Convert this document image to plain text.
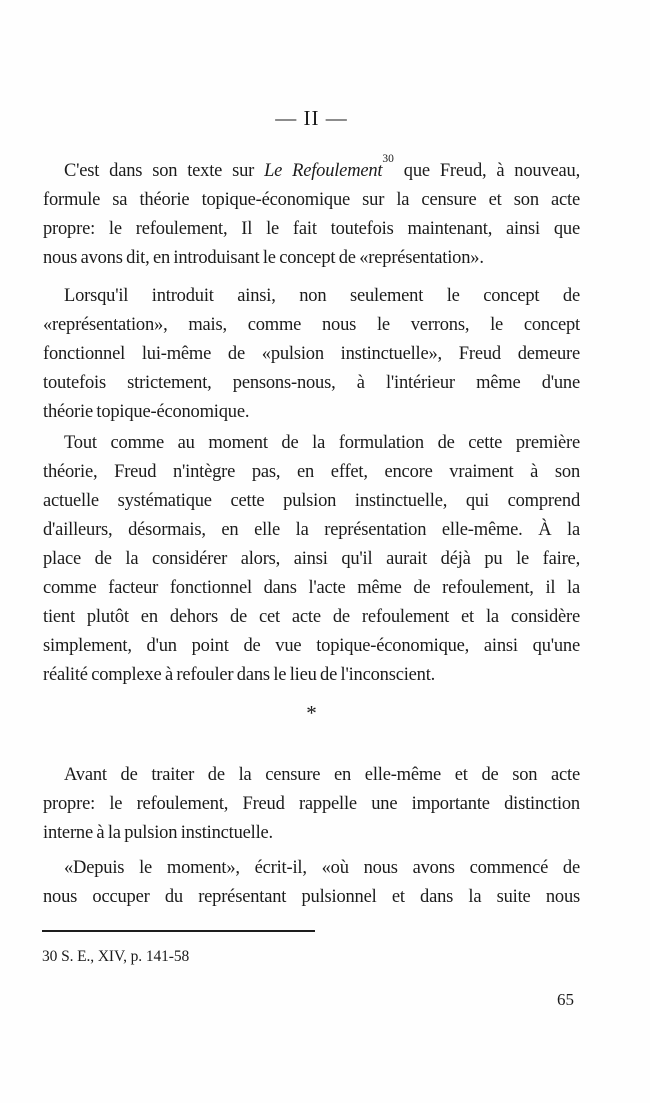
— II —
C'est dans son texte sur Le Refoulement$^{30}$ que Freud, à nouveau,
formule sa théorie topique-économique sur la censure et son acte
propre: le refoulement, Il le fait toutefois maintenant, ainsi que
nous avons dit, en introduisant le concept de «représentation».
Lorsqu'il introduit ainsi, non seulement le concept de
«représentation», mais, comme nous le verrons, le concept
fonctionnel lui-même de «pulsion instinctuelle», Freud demeure
toutefois strictement, pensons-nous, à l'intérieur même d'une
théorie topique-économique.
Tout comme au moment de la formulation de cette première
théorie, Freud n'intègre pas, en effet, encore vraiment à son
actuelle systématique cette pulsion instinctuelle, qui comprend
d'ailleurs, désormais, en elle la représentation elle-même. À la
place de la considérer alors, ainsi qu'il aurait déjà pu le faire,
comme facteur fonctionnel dans l'acte même de refoulement, il la
tient plutôt en dehors de cet acte de refoulement et la considère
simplement, d'un point de vue topique-économique, ainsi qu'une
réalité complexe à refouler dans le lieu de l'inconscient.
*
Avant de traiter de la censure en elle-même et de son acte
propre: le refoulement, Freud rappelle une importante distinction
interne à la pulsion instinctuelle.
«Depuis le moment», écrit-il, «où nous avons commencé de
nous occuper du représentant pulsionnel et dans la suite nous
30 S. E., XIV, p. 141-58
65
